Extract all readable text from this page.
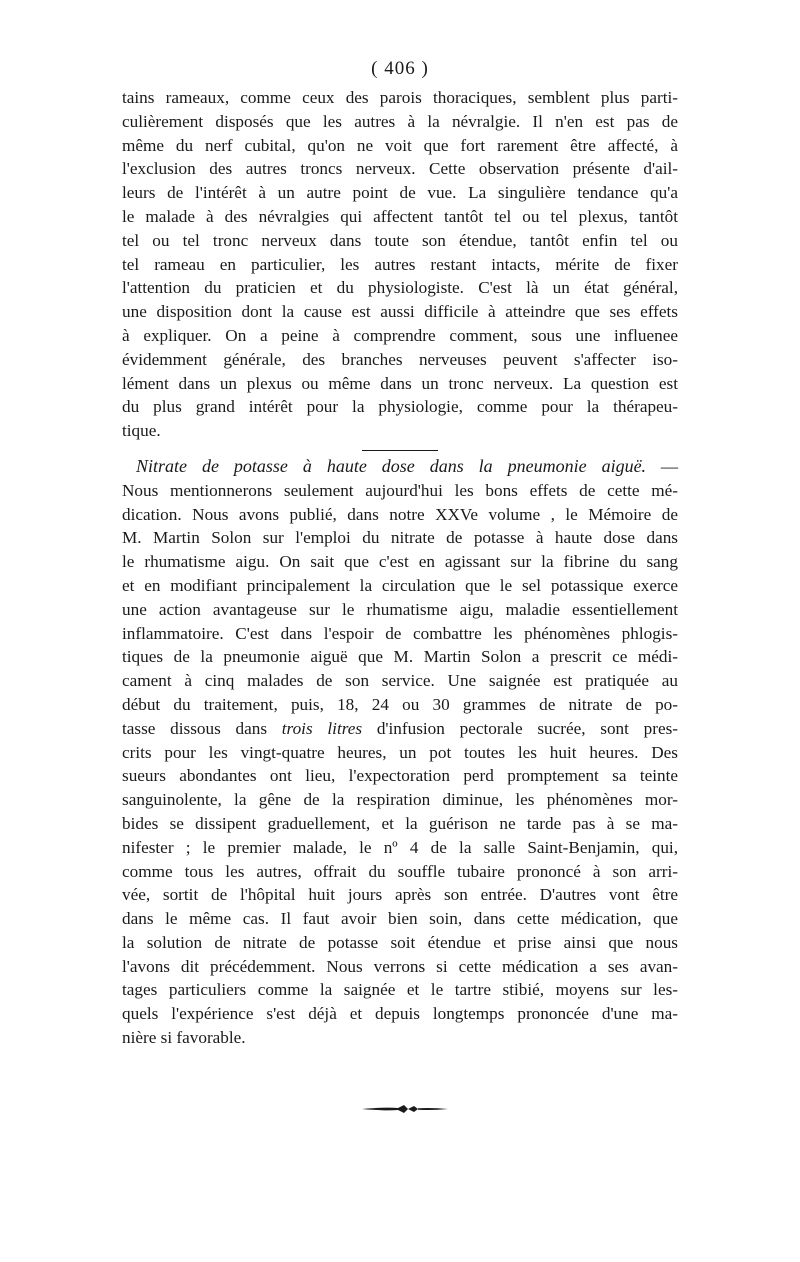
( 406 )
tains rameaux, comme ceux des parois thoraciques, semblent plus parti-
culièrement disposés que les autres à la névralgie. Il n'en est pas de
même du nerf cubital, qu'on ne voit que fort rarement être affecté, à
l'exclusion des autres troncs nerveux. Cette observation présente d'ail-
leurs de l'intérêt à un autre point de vue. La singulière tendance qu'a
le malade à des névralgies qui affectent tantôt tel ou tel plexus, tantôt
tel ou tel tronc nerveux dans toute son étendue, tantôt enfin tel ou
tel rameau en particulier, les autres restant intacts, mérite de fixer
l'attention du praticien et du physiologiste. C'est là un état général,
une disposition dont la cause est aussi difficile à atteindre que ses effets
à expliquer. On a peine à comprendre comment, sous une influenee
évidemment générale, des branches nerveuses peuvent s'affecter iso-
lément dans un plexus ou même dans un tronc nerveux. La question est
du plus grand intérêt pour la physiologie, comme pour la thérapeu-
tique.
Nitrate de potasse à haute dose dans la pneumonie aiguë. —
Nous mentionnerons seulement aujourd'hui les bons effets de cette mé-
dication. Nous avons publié, dans notre XXVe volume , le Mémoire de
M. Martin Solon sur l'emploi du nitrate de potasse à haute dose dans
le rhumatisme aigu. On sait que c'est en agissant sur la fibrine du sang
et en modifiant principalement la circulation que le sel potassique exerce
une action avantageuse sur le rhumatisme aigu, maladie essentiellement
inflammatoire. C'est dans l'espoir de combattre les phénomènes phlogis-
tiques de la pneumonie aiguë que M. Martin Solon a prescrit ce médi-
cament à cinq malades de son service. Une saignée est pratiquée au
début du traitement, puis, 18, 24 ou 30 grammes de nitrate de po-
tasse dissous dans trois litres d'infusion pectorale sucrée, sont pres-
crits pour les vingt-quatre heures, un pot toutes les huit heures. Des
sueurs abondantes ont lieu, l'expectoration perd promptement sa teinte
sanguinolente, la gêne de la respiration diminue, les phénomènes mor-
bides se dissipent graduellement, et la guérison ne tarde pas à se ma-
nifester ; le premier malade, le nº 4 de la salle Saint-Benjamin, qui,
comme tous les autres, offrait du souffle tubaire prononcé à son arri-
vée, sortit de l'hôpital huit jours après son entrée. D'autres vont être
dans le même cas. Il faut avoir bien soin, dans cette médication, que
la solution de nitrate de potasse soit étendue et prise ainsi que nous
l'avons dit précédemment. Nous verrons si cette médication a ses avan-
tages particuliers comme la saignée et le tartre stibié, moyens sur les-
quels l'expérience s'est déjà et depuis longtemps prononcée d'une ma-
nière si favorable.
